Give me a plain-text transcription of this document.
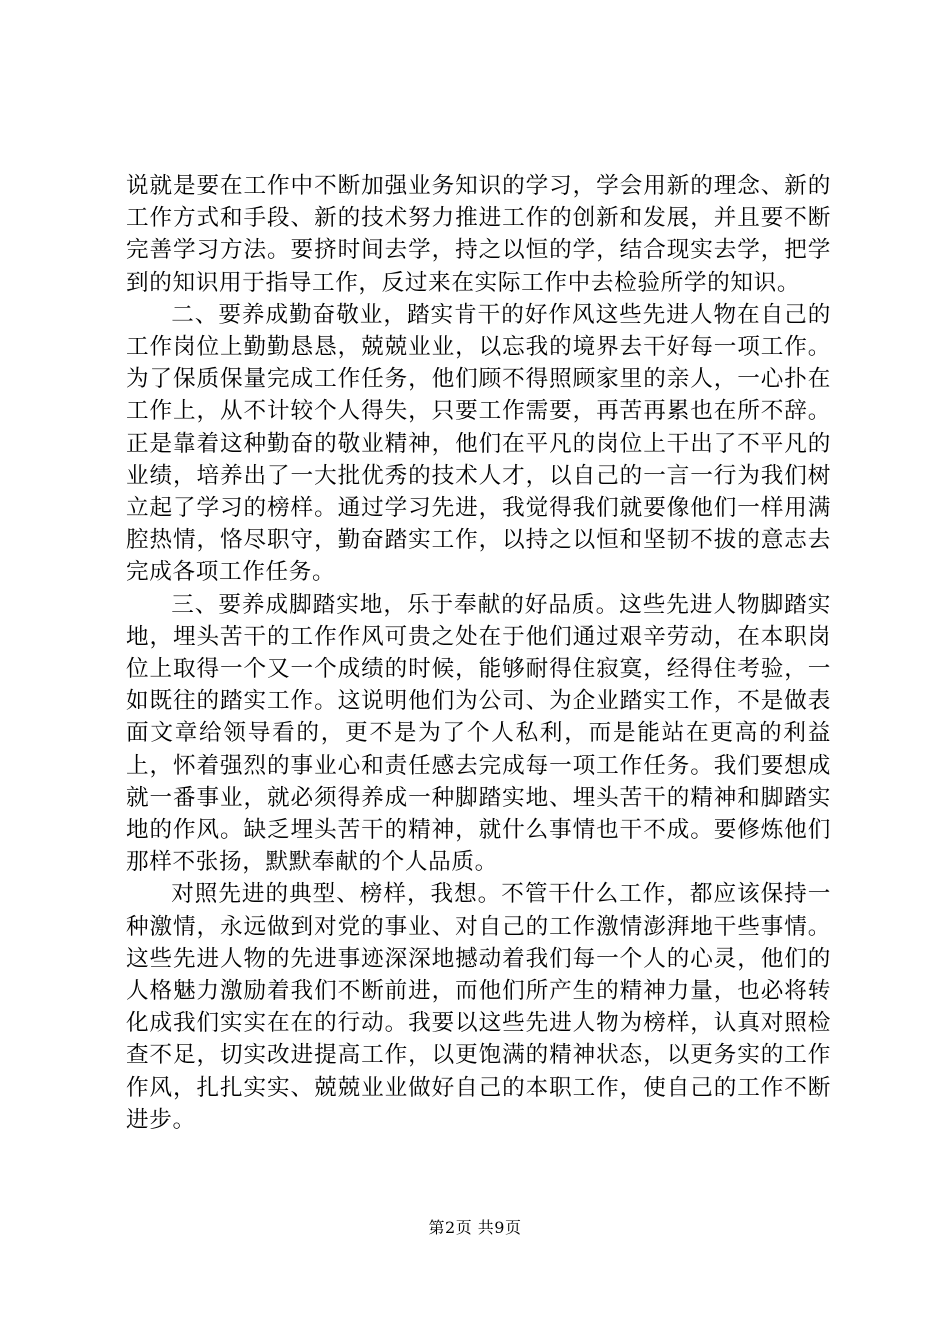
说就是要在工作中不断加强业务知识的学习，学会用新的理念、新的工作方式和手段、新的技术努力推进工作的创新和发展，并且要不断完善学习方法。要挤时间去学，持之以恒的学，结合现实去学，把学到的知识用于指导工作，反过来在实际工作中去检验所学的知识。

二、要养成勤奋敬业，踏实肯干的好作风这些先进人物在自己的工作岗位上勤勤恳恳，兢兢业业，以忘我的境界去干好每一项工作。为了保质保量完成工作任务，他们顾不得照顾家里的亲人，一心扑在工作上，从不计较个人得失，只要工作需要，再苦再累也在所不辞。正是靠着这种勤奋的敬业精神，他们在平凡的岗位上干出了不平凡的业绩，培养出了一大批优秀的技术人才，以自己的一言一行为我们树立起了学习的榜样。通过学习先进，我觉得我们就要像他们一样用满腔热情，恪尽职守，勤奋踏实工作，以持之以恒和坚韧不拔的意志去完成各项工作任务。

三、要养成脚踏实地，乐于奉献的好品质。这些先进人物脚踏实地，埋头苦干的工作作风可贵之处在于他们通过艰辛劳动，在本职岗位上取得一个又一个成绩的时候，能够耐得住寂寞，经得住考验，一如既往的踏实工作。这说明他们为公司、为企业踏实工作，不是做表面文章给领导看的，更不是为了个人私利，而是能站在更高的利益上，怀着强烈的事业心和责任感去完成每一项工作任务。我们要想成就一番事业，就必须得养成一种脚踏实地、埋头苦干的精神和脚踏实地的作风。缺乏埋头苦干的精神，就什么事情也干不成。要修炼他们那样不张扬，默默奉献的个人品质。

对照先进的典型、榜样，我想。不管干什么工作，都应该保持一种激情，永远做到对党的事业、对自己的工作激情澎湃地干些事情。这些先进人物的先进事迹深深地撼动着我们每一个人的心灵，他们的人格魅力激励着我们不断前进，而他们所产生的精神力量，也必将转化成我们实实在在的行动。我要以这些先进人物为榜样，认真对照检查不足，切实改进提高工作，以更饱满的精神状态，以更务实的工作作风，扎扎实实、兢兢业业做好自己的本职工作，使自己的工作不断进步。

第2页 共9页
